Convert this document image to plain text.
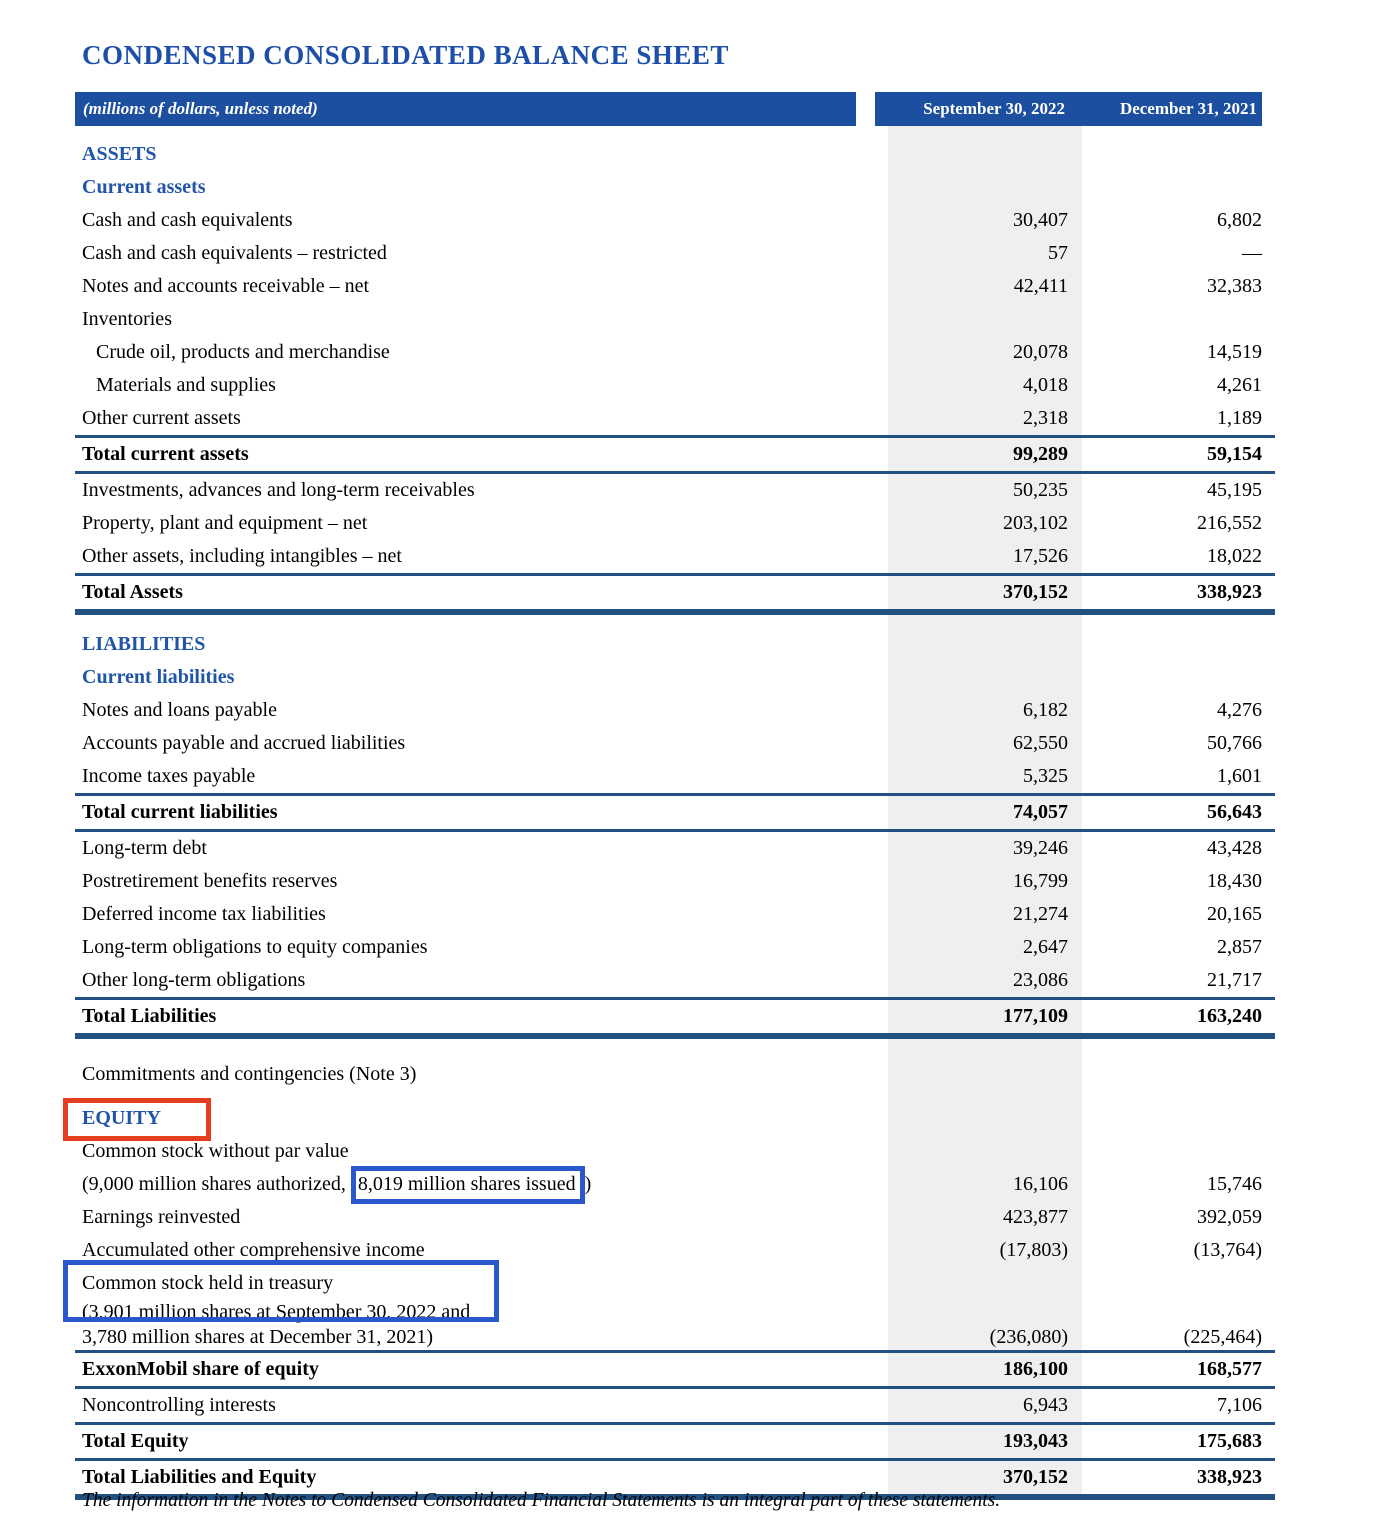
CONDENSED CONSOLIDATED BALANCE SHEET
(millions of dollars, unless noted)	September 30, 2022	December 31, 2021
ASSETS
Current assets
Cash and cash equivalents	30,407	6,802
Cash and cash equivalents – restricted	57	—
Notes and accounts receivable – net	42,411	32,383
Inventories
Crude oil, products and merchandise	20,078	14,519
Materials and supplies	4,018	4,261
Other current assets	2,318	1,189
Total current assets	99,289	59,154
Investments, advances and long-term receivables	50,235	45,195
Property, plant and equipment – net	203,102	216,552
Other assets, including intangibles – net	17,526	18,022
Total Assets	370,152	338,923
LIABILITIES
Current liabilities
Notes and loans payable	6,182	4,276
Accounts payable and accrued liabilities	62,550	50,766
Income taxes payable	5,325	1,601
Total current liabilities	74,057	56,643
Long-term debt	39,246	43,428
Postretirement benefits reserves	16,799	18,430
Deferred income tax liabilities	21,274	20,165
Long-term obligations to equity companies	2,647	2,857
Other long-term obligations	23,086	21,717
Total Liabilities	177,109	163,240
Commitments and contingencies (Note 3)
EQUITY
Common stock without par value
(9,000 million shares authorized, 8,019 million shares issued )	16,106	15,746
Earnings reinvested	423,877	392,059
Accumulated other comprehensive income	(17,803)	(13,764)
Common stock held in treasury
(3,901 million shares at September 30, 2022 and
3,780 million shares at December 31, 2021)	(236,080)	(225,464)
ExxonMobil share of equity	186,100	168,577
Noncontrolling interests	6,943	7,106
Total Equity	193,043	175,683
Total Liabilities and Equity	370,152	338,923
The information in the Notes to Condensed Consolidated Financial Statements is an integral part of these statements.
